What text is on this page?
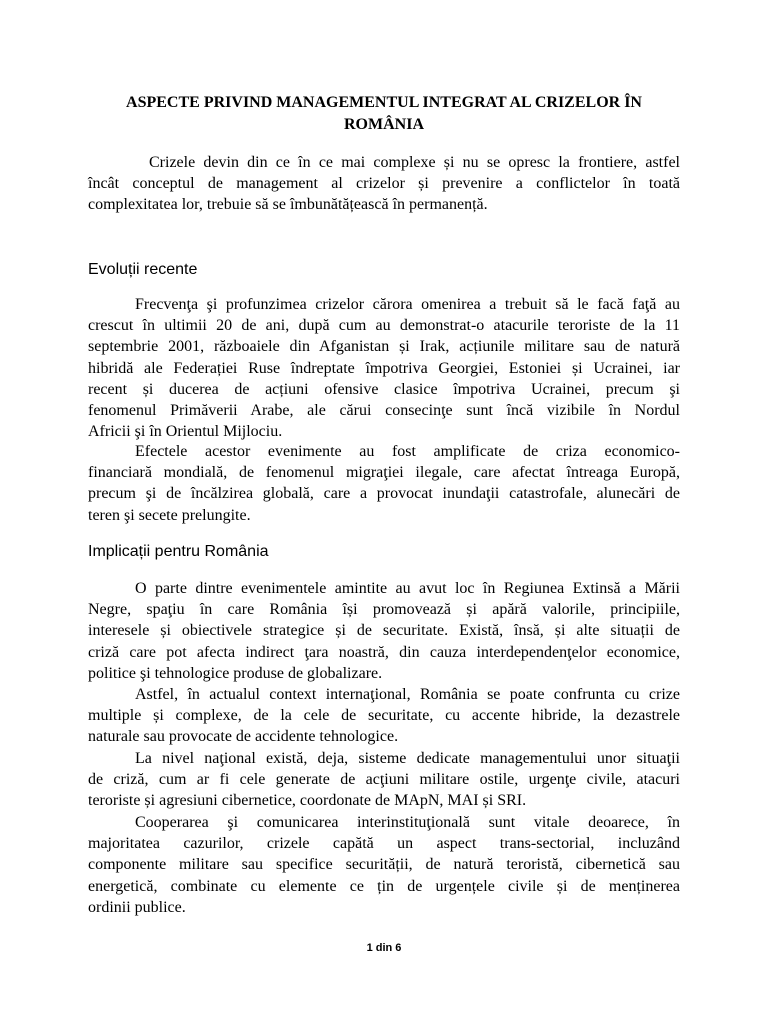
ASPECTE PRIVIND MANAGEMENTUL INTEGRAT AL CRIZELOR ÎN
ROMÂNIA
Crizele devin din ce în ce mai complexe și nu se opresc la frontiere, astfel
încât conceptul de management al crizelor și prevenire a conflictelor în toată
complexitatea lor, trebuie să se îmbunătățească în permanență.
Evoluții recente
Frecvenţa şi profunzimea crizelor cărora omenirea a trebuit să le facă faţă au
crescut în ultimii 20 de ani, după cum au demonstrat-o atacurile teroriste de la 11
septembrie 2001, războaiele din Afganistan și Irak, acțiunile militare sau de natură
hibridă ale Federației Ruse îndreptate împotriva Georgiei, Estoniei și Ucrainei, iar
recent și ducerea de acțiuni ofensive clasice împotriva Ucrainei, precum şi
fenomenul Primăverii Arabe, ale cărui consecinţe sunt încă vizibile în Nordul
Africii şi în Orientul Mijlociu.
Efectele acestor evenimente au fost amplificate de criza economico-
financiară mondială, de fenomenul migraţiei ilegale, care afectat întreaga Europă,
precum şi de încălzirea globală, care a provocat inundaţii catastrofale, alunecări de
teren şi secete prelungite.
Implicații pentru România
O parte dintre evenimentele amintite au avut loc în Regiunea Extinsă a Mării
Negre, spaţiu în care România își promovează și apără valorile, principiile,
interesele și obiectivele strategice și de securitate. Există, însă, și alte situații de
criză care pot afecta indirect ţara noastră, din cauza interdependenţelor economice,
politice şi tehnologice produse de globalizare.
Astfel, în actualul context internaţional, România se poate confrunta cu crize
multiple și complexe, de la cele de securitate, cu accente hibride, la dezastrele
naturale sau provocate de accidente tehnologice.
La nivel naţional există, deja, sisteme dedicate managementului unor situaţii
de criză, cum ar fi cele generate de acţiuni militare ostile, urgenţe civile, atacuri
teroriste și agresiuni cibernetice, coordonate de MApN, MAI și SRI.
Cooperarea şi comunicarea interinstituţională sunt vitale deoarece, în
majoritatea cazurilor, crizele capătă un aspect trans-sectorial, incluzând
componente militare sau specifice securității, de natură teroristă, cibernetică sau
energetică, combinate cu elemente ce țin de urgențele civile și de menținerea
ordinii publice.
1 din 6
